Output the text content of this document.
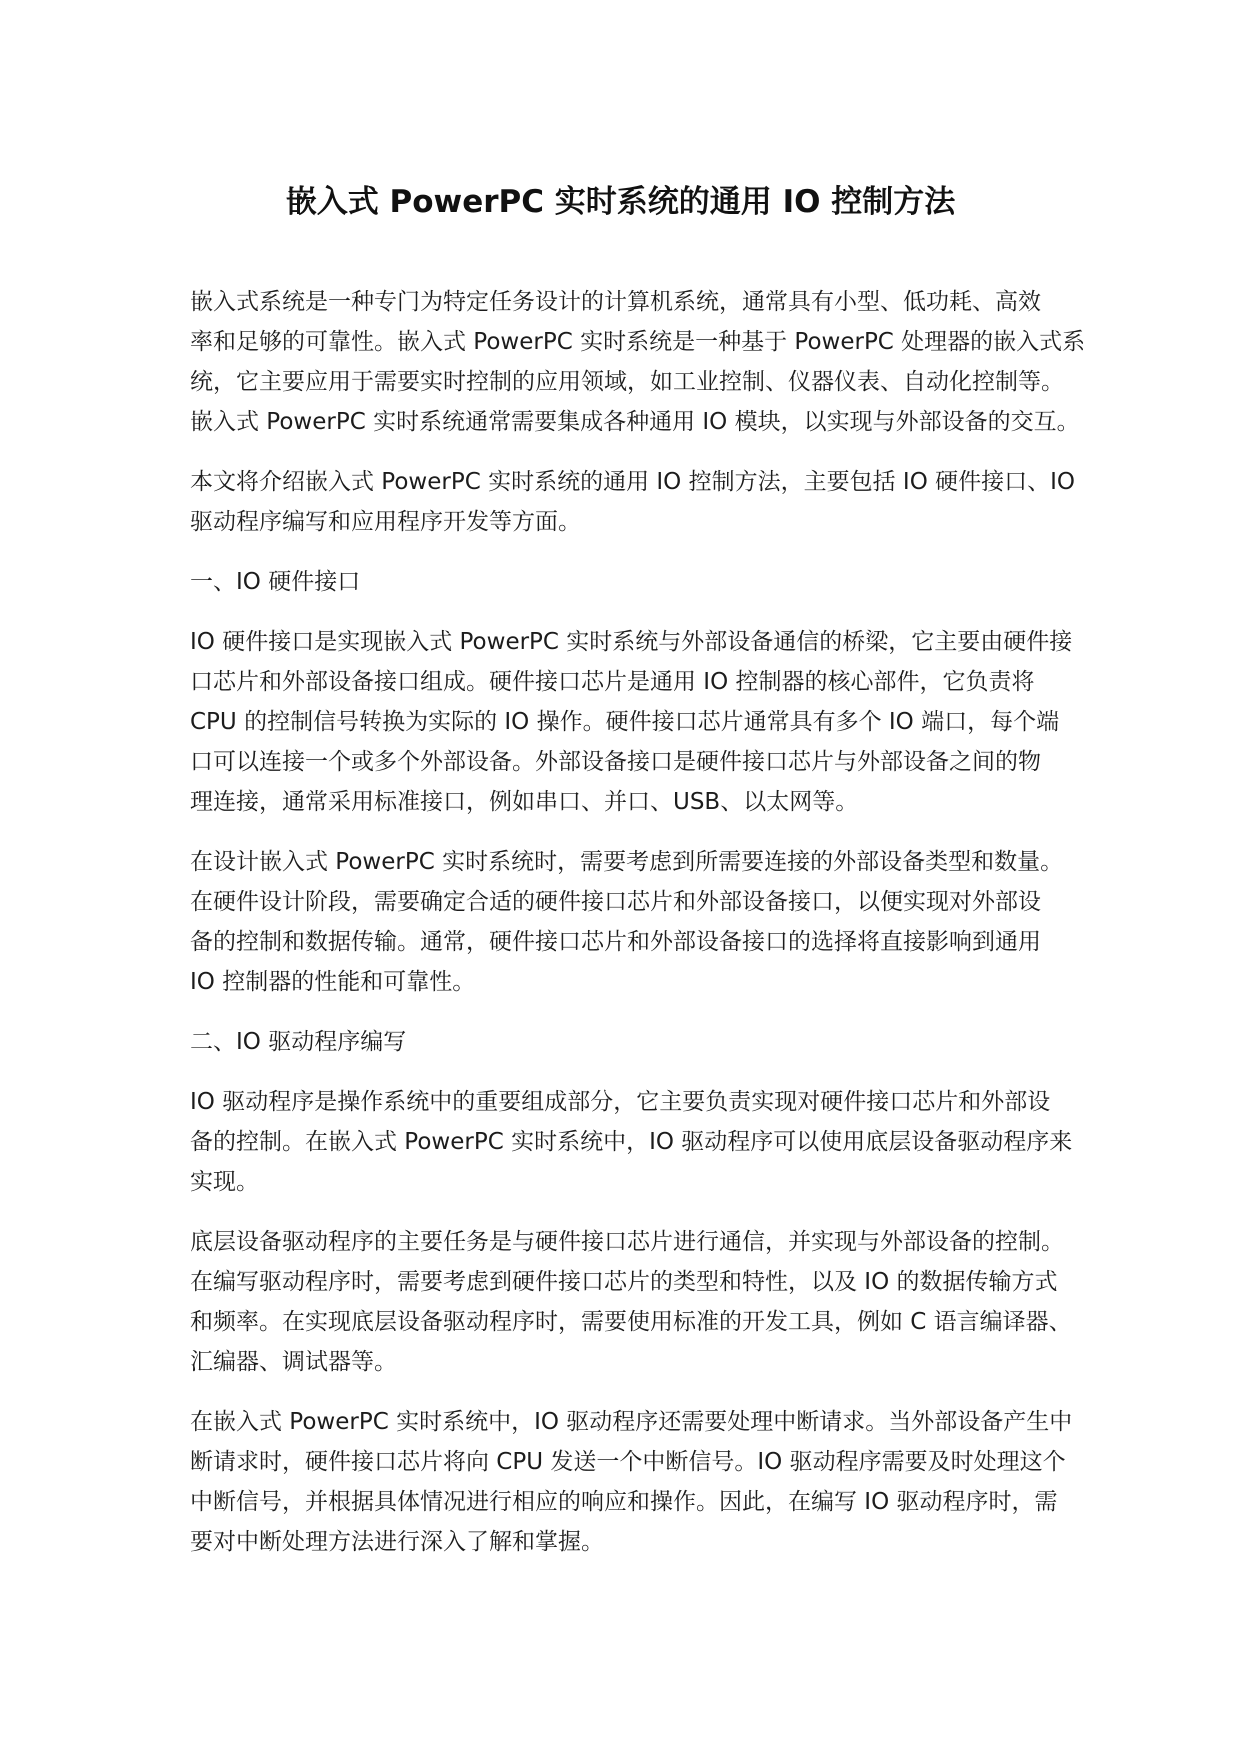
嵌入式 PowerPC 实时系统的通用 IO 控制方法

嵌入式系统是一种专门为特定任务设计的计算机系统，通常具有小型、低功耗、高效
率和足够的可靠性。嵌入式 PowerPC 实时系统是一种基于 PowerPC 处理器的嵌入式系
统，它主要应用于需要实时控制的应用领域，如工业控制、仪器仪表、自动化控制等。
嵌入式 PowerPC 实时系统通常需要集成各种通用 IO 模块，以实现与外部设备的交互。

本文将介绍嵌入式 PowerPC 实时系统的通用 IO 控制方法，主要包括 IO 硬件接口、IO
驱动程序编写和应用程序开发等方面。

一、IO 硬件接口

IO 硬件接口是实现嵌入式 PowerPC 实时系统与外部设备通信的桥梁，它主要由硬件接
口芯片和外部设备接口组成。硬件接口芯片是通用 IO 控制器的核心部件，它负责将
CPU 的控制信号转换为实际的 IO 操作。硬件接口芯片通常具有多个 IO 端口，每个端
口可以连接一个或多个外部设备。外部设备接口是硬件接口芯片与外部设备之间的物
理连接，通常采用标准接口，例如串口、并口、USB、以太网等。

在设计嵌入式 PowerPC 实时系统时，需要考虑到所需要连接的外部设备类型和数量。
在硬件设计阶段，需要确定合适的硬件接口芯片和外部设备接口，以便实现对外部设
备的控制和数据传输。通常，硬件接口芯片和外部设备接口的选择将直接影响到通用
IO 控制器的性能和可靠性。

二、IO 驱动程序编写

IO 驱动程序是操作系统中的重要组成部分，它主要负责实现对硬件接口芯片和外部设
备的控制。在嵌入式 PowerPC 实时系统中，IO 驱动程序可以使用底层设备驱动程序来
实现。

底层设备驱动程序的主要任务是与硬件接口芯片进行通信，并实现与外部设备的控制。
在编写驱动程序时，需要考虑到硬件接口芯片的类型和特性，以及 IO 的数据传输方式
和频率。在实现底层设备驱动程序时，需要使用标准的开发工具，例如 C 语言编译器、
汇编器、调试器等。

在嵌入式 PowerPC 实时系统中，IO 驱动程序还需要处理中断请求。当外部设备产生中
断请求时，硬件接口芯片将向 CPU 发送一个中断信号。IO 驱动程序需要及时处理这个
中断信号，并根据具体情况进行相应的响应和操作。因此，在编写 IO 驱动程序时，需
要对中断处理方法进行深入了解和掌握。
